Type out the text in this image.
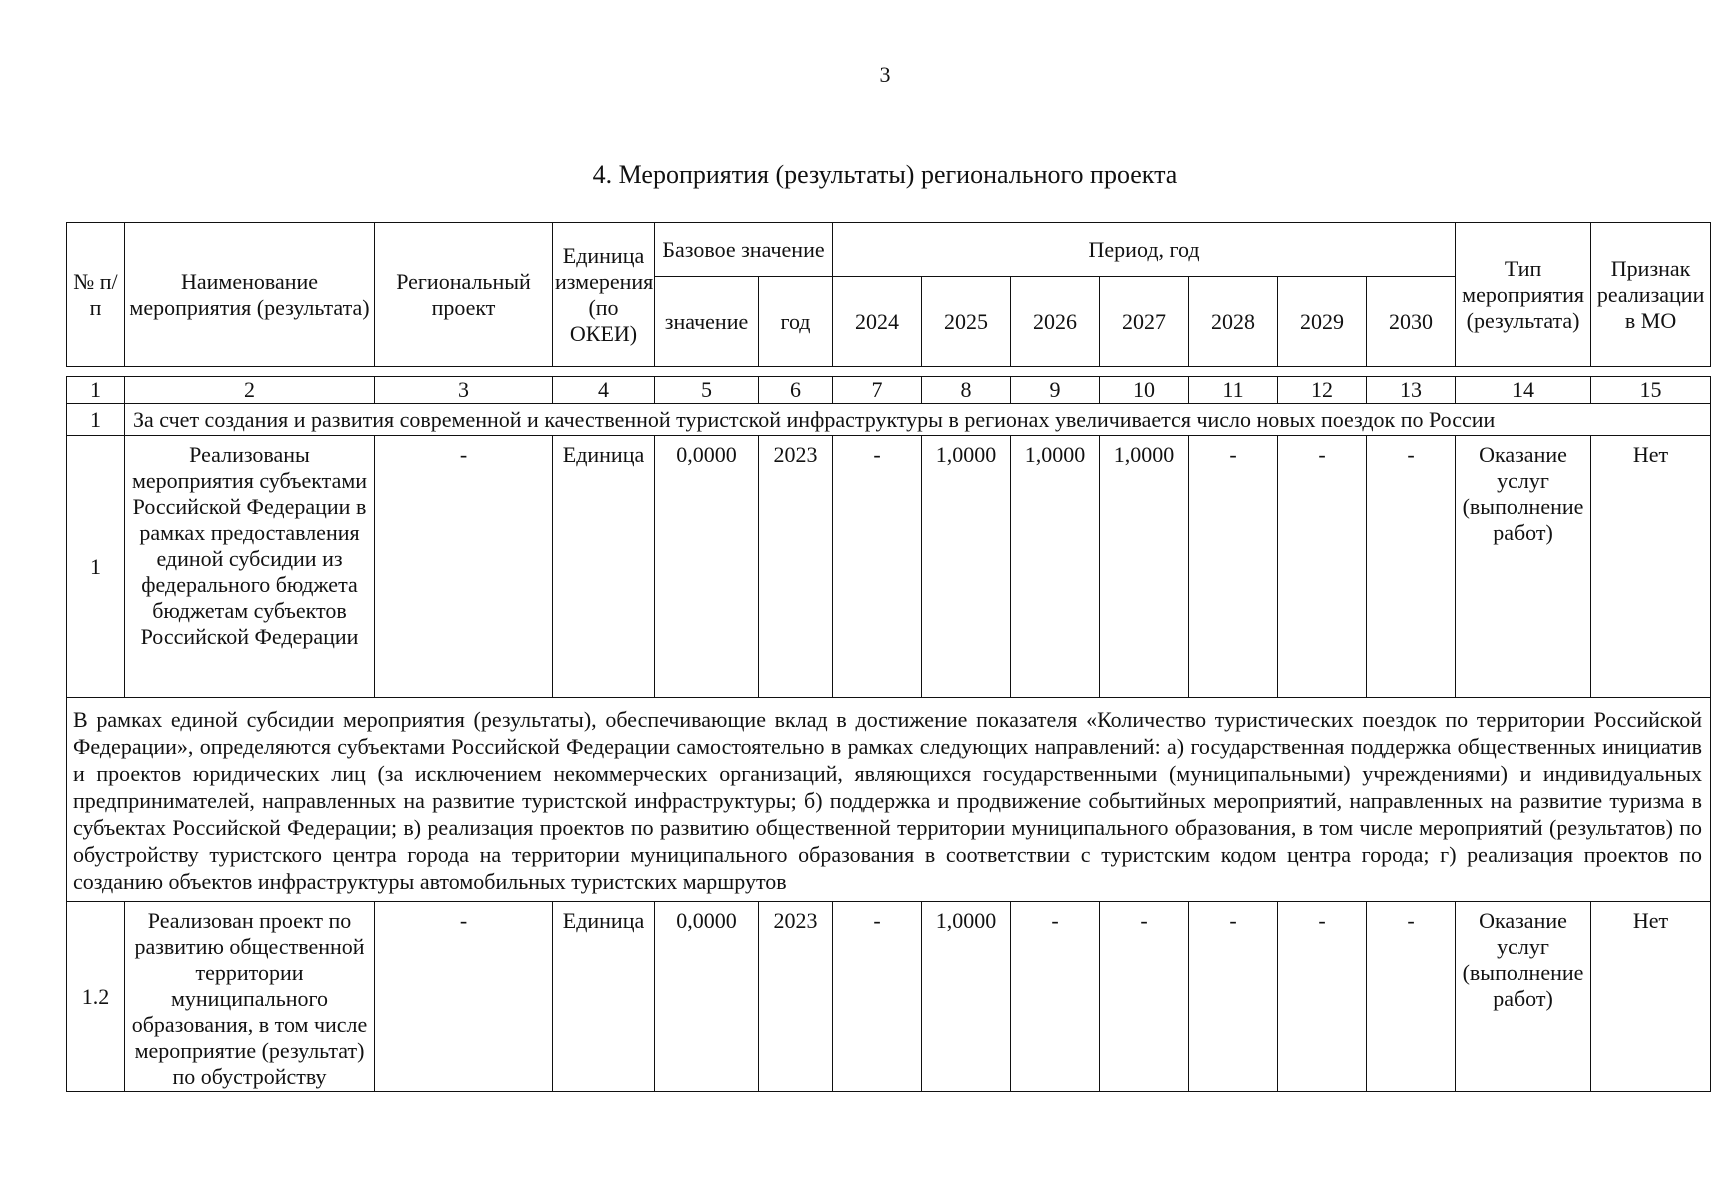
3
4. Мероприятия (результаты) регионального проекта
№ п/п	Наименование мероприятия (результата)	Региональный проект	Единица измерения (по ОКЕИ)	Базовое значение		Период, год							Тип мероприятия (результата)	Признак реализации в МО
				значение	год	2024	2025	2026	2027	2028	2029	2030		
1	2	3	4	5	6	7	8	9	10	11	12	13	14	15
1	За счет создания и развития современной и качественной туристской инфраструктуры в регионах увеличивается число новых поездок по России													
1	Реализованы мероприятия субъектами Российской Федерации в рамках предоставления единой субсидии из федерального бюджета бюджетам субъектов Российской Федерации	-	Единица	0,0000	2023	-	1,0000	1,0000	1,0000	-	-	-	Оказание услуг (выполнение работ)	Нет
В рамках единой субсидии мероприятия (результаты), обеспечивающие вклад в достижение показателя «Количество туристических поездок по территории Российской Федерации», определяются субъектами Российской Федерации самостоятельно в рамках следующих направлений: а) государственная поддержка общественных инициатив и проектов юридических лиц (за исключением некоммерческих организаций, являющихся государственными (муниципальными) учреждениями) и индивидуальных предпринимателей, направленных на развитие туристской инфраструктуры; б) поддержка и продвижение событийных мероприятий, направленных на развитие туризма в субъектах Российской Федерации; в) реализация проектов по развитию общественной территории муниципального образования, в том числе мероприятий (результатов) по обустройству туристского центра города на территории муниципального образования в соответствии с туристским кодом центра города; г) реализация проектов по созданию объектов инфраструктуры автомобильных туристских маршрутов														
1.2	Реализован проект по развитию общественной территории муниципального образования, в том числе мероприятие (результат) по обустройству	-	Единица	0,0000	2023	-	1,0000	-	-	-	-	-	Оказание услуг (выполнение работ)	Нет
